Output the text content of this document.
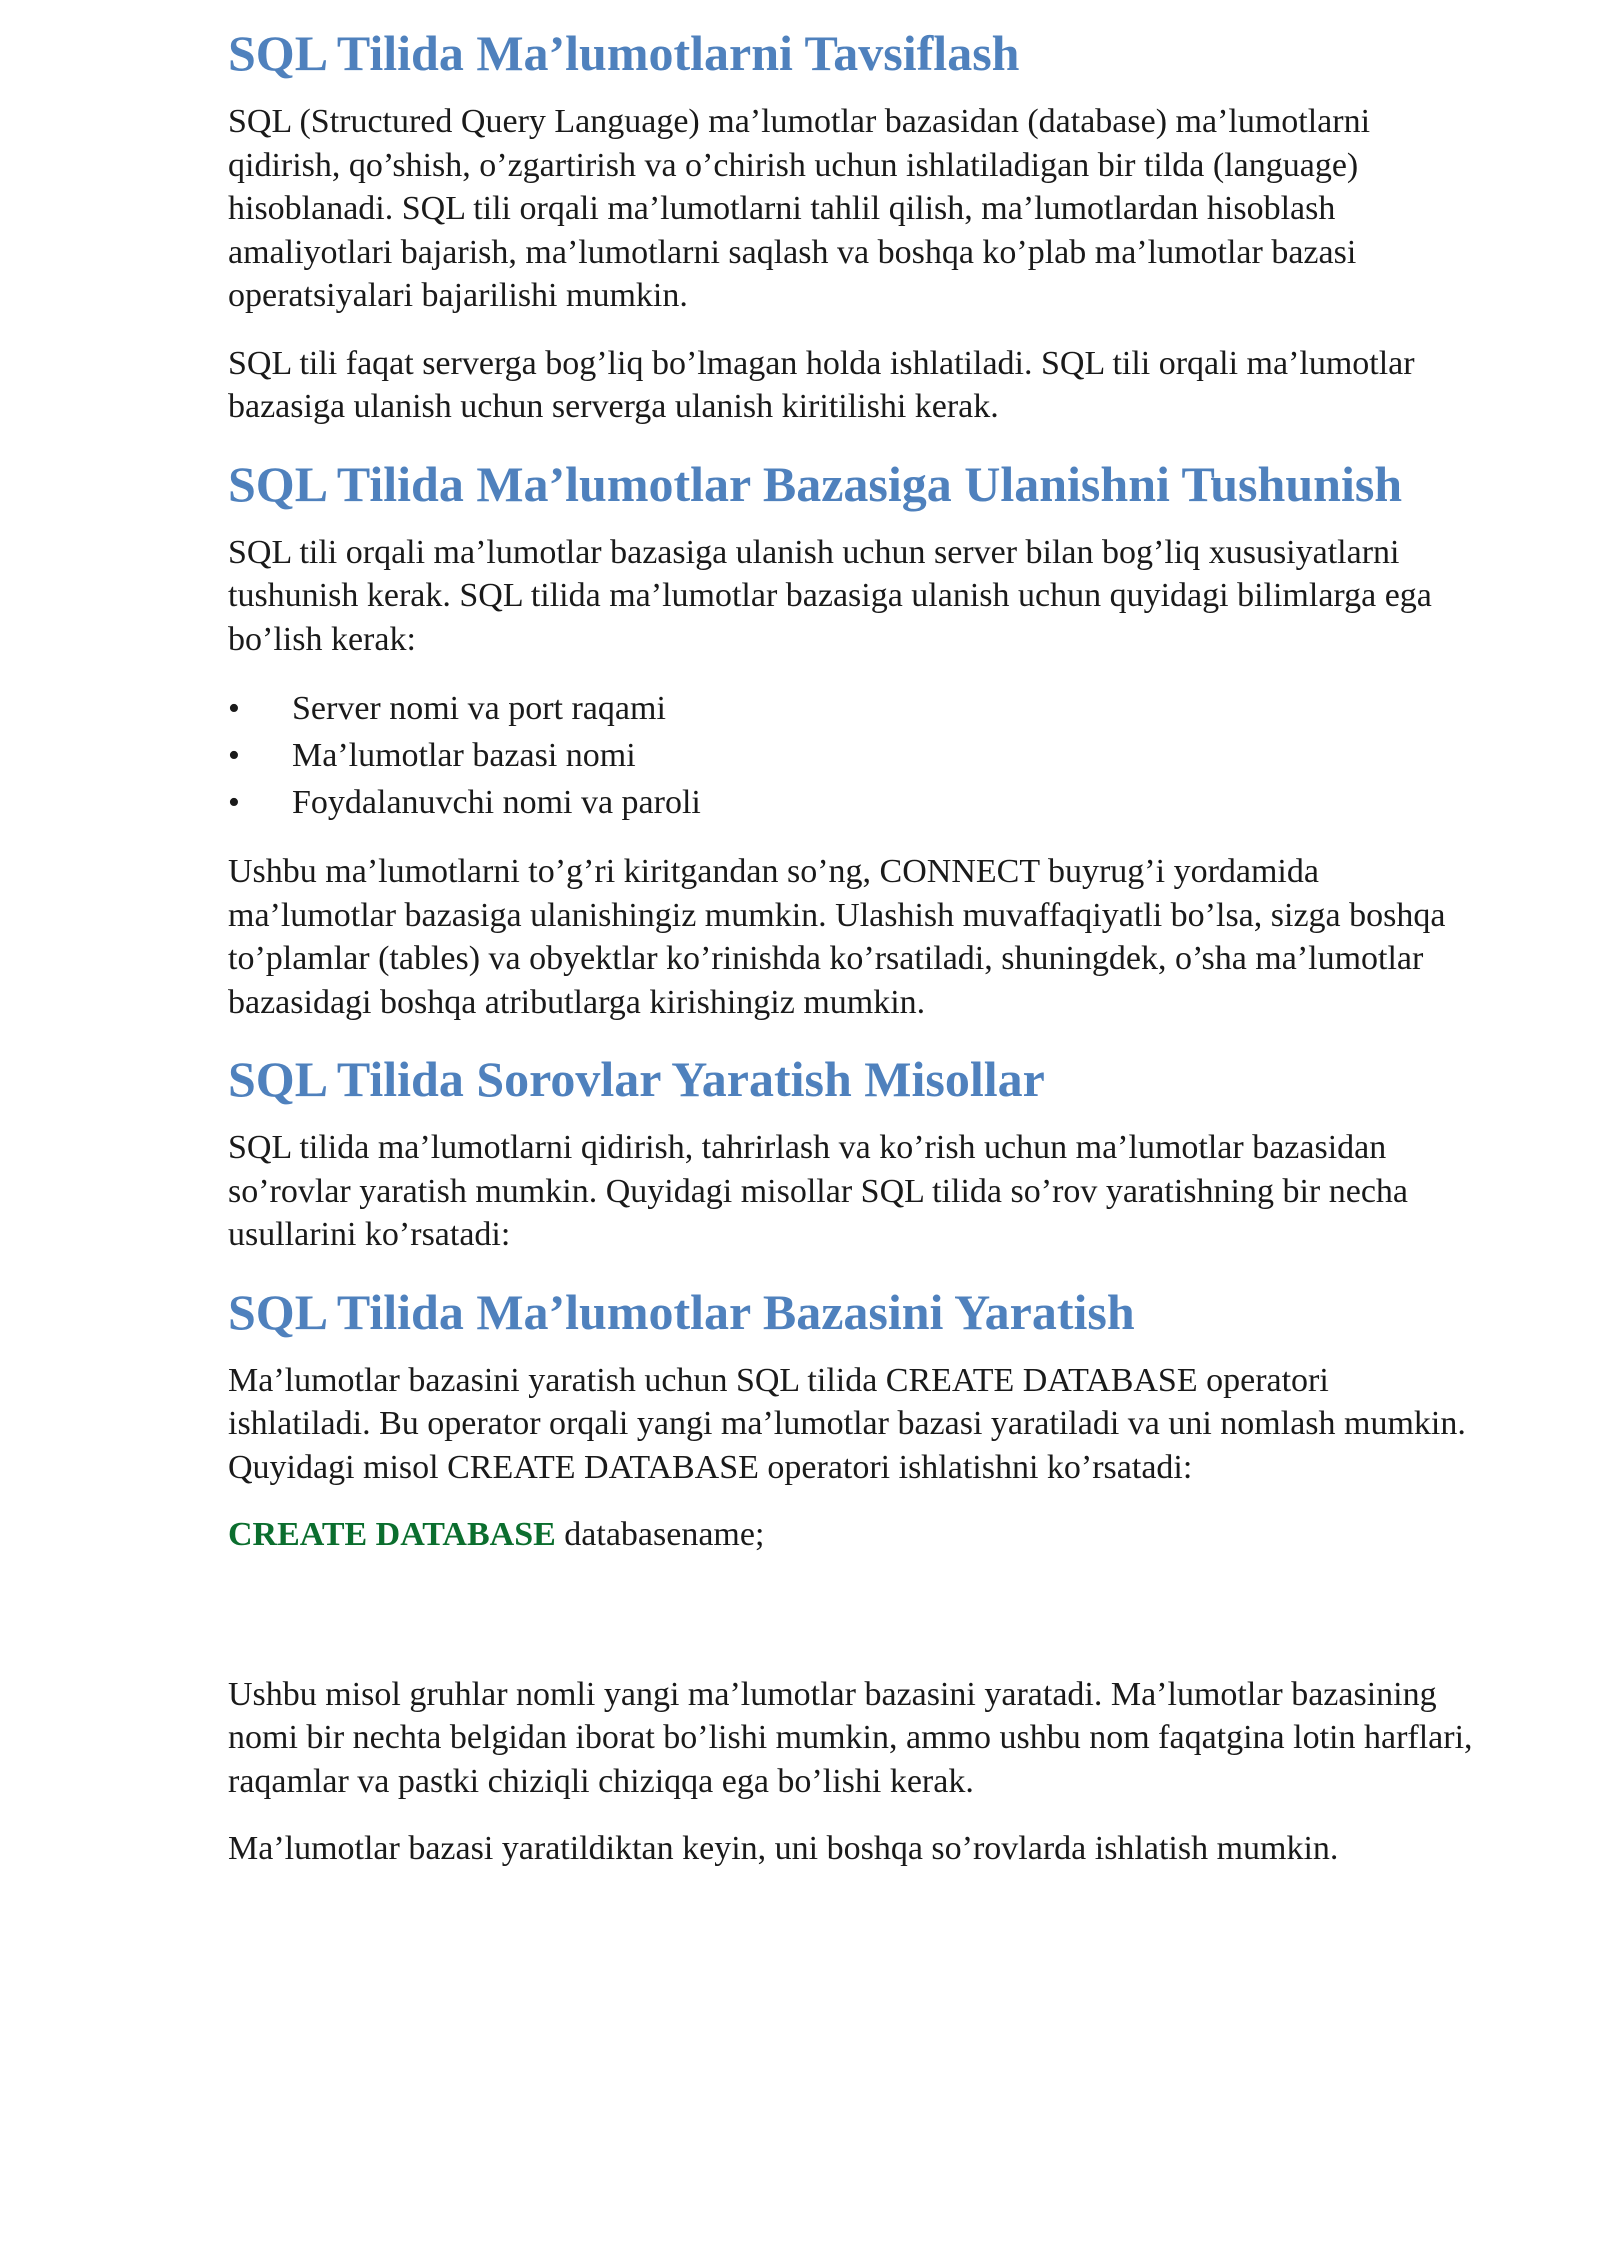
SQL Tilida Ma’lumotlarni Tavsiflash

SQL (Structured Query Language) ma’lumotlar bazasidan (database) ma’lumotlarni qidirish, qo’shish, o’zgartirish va o’chirish uchun ishlatiladigan bir tilda (language) hisoblanadi. SQL tili orqali ma’lumotlarni tahlil qilish, ma’lumotlardan hisoblash amaliyotlari bajarish, ma’lumotlarni saqlash va boshqa ko’plab ma’lumotlar bazasi operatsiyalari bajarilishi mumkin.

SQL tili faqat serverga bog’liq bo’lmagan holda ishlatiladi. SQL tili orqali ma’lumotlar bazasiga ulanish uchun serverga ulanish kiritilishi kerak.

SQL Tilida Ma’lumotlar Bazasiga Ulanishni Tushunish

SQL tili orqali ma’lumotlar bazasiga ulanish uchun server bilan bog’liq xususiyatlarni tushunish kerak. SQL tilida ma’lumotlar bazasiga ulanish uchun quyidagi bilimlarga ega bo’lish kerak:

• Server nomi va port raqami
• Ma’lumotlar bazasi nomi
• Foydalanuvchi nomi va paroli

Ushbu ma’lumotlarni to’g’ri kiritgandan so’ng, CONNECT buyrug’i yordamida ma’lumotlar bazasiga ulanishingiz mumkin. Ulashish muvaffaqiyatli bo’lsa, sizga boshqa to’plamlar (tables) va obyektlar ko’rinishda ko’rsatiladi, shuningdek, o’sha ma’lumotlar bazasidagi boshqa atributlarga kirishingiz mumkin.

SQL Tilida Sorovlar Yaratish Misollar

SQL tilida ma’lumotlarni qidirish, tahrirlash va ko’rish uchun ma’lumotlar bazasidan so’rovlar yaratish mumkin. Quyidagi misollar SQL tilida so’rov yaratishning bir necha usullarini ko’rsatadi:

SQL Tilida Ma’lumotlar Bazasini Yaratish

Ma’lumotlar bazasini yaratish uchun SQL tilida CREATE DATABASE operatori ishlatiladi. Bu operator orqali yangi ma’lumotlar bazasi yaratiladi va uni nomlash mumkin. Quyidagi misol CREATE DATABASE operatori ishlatishni ko’rsatadi:

CREATE DATABASE databasename;

Ushbu misol gruhlar nomli yangi ma’lumotlar bazasini yaratadi. Ma’lumotlar bazasining nomi bir nechta belgidan iborat bo’lishi mumkin, ammo ushbu nom faqatgina lotin harflari, raqamlar va pastki chiziqli chiziqqa ega bo’lishi kerak.

Ma’lumotlar bazasi yaratildiktan keyin, uni boshqa so’rovlarda ishlatish mumkin.
